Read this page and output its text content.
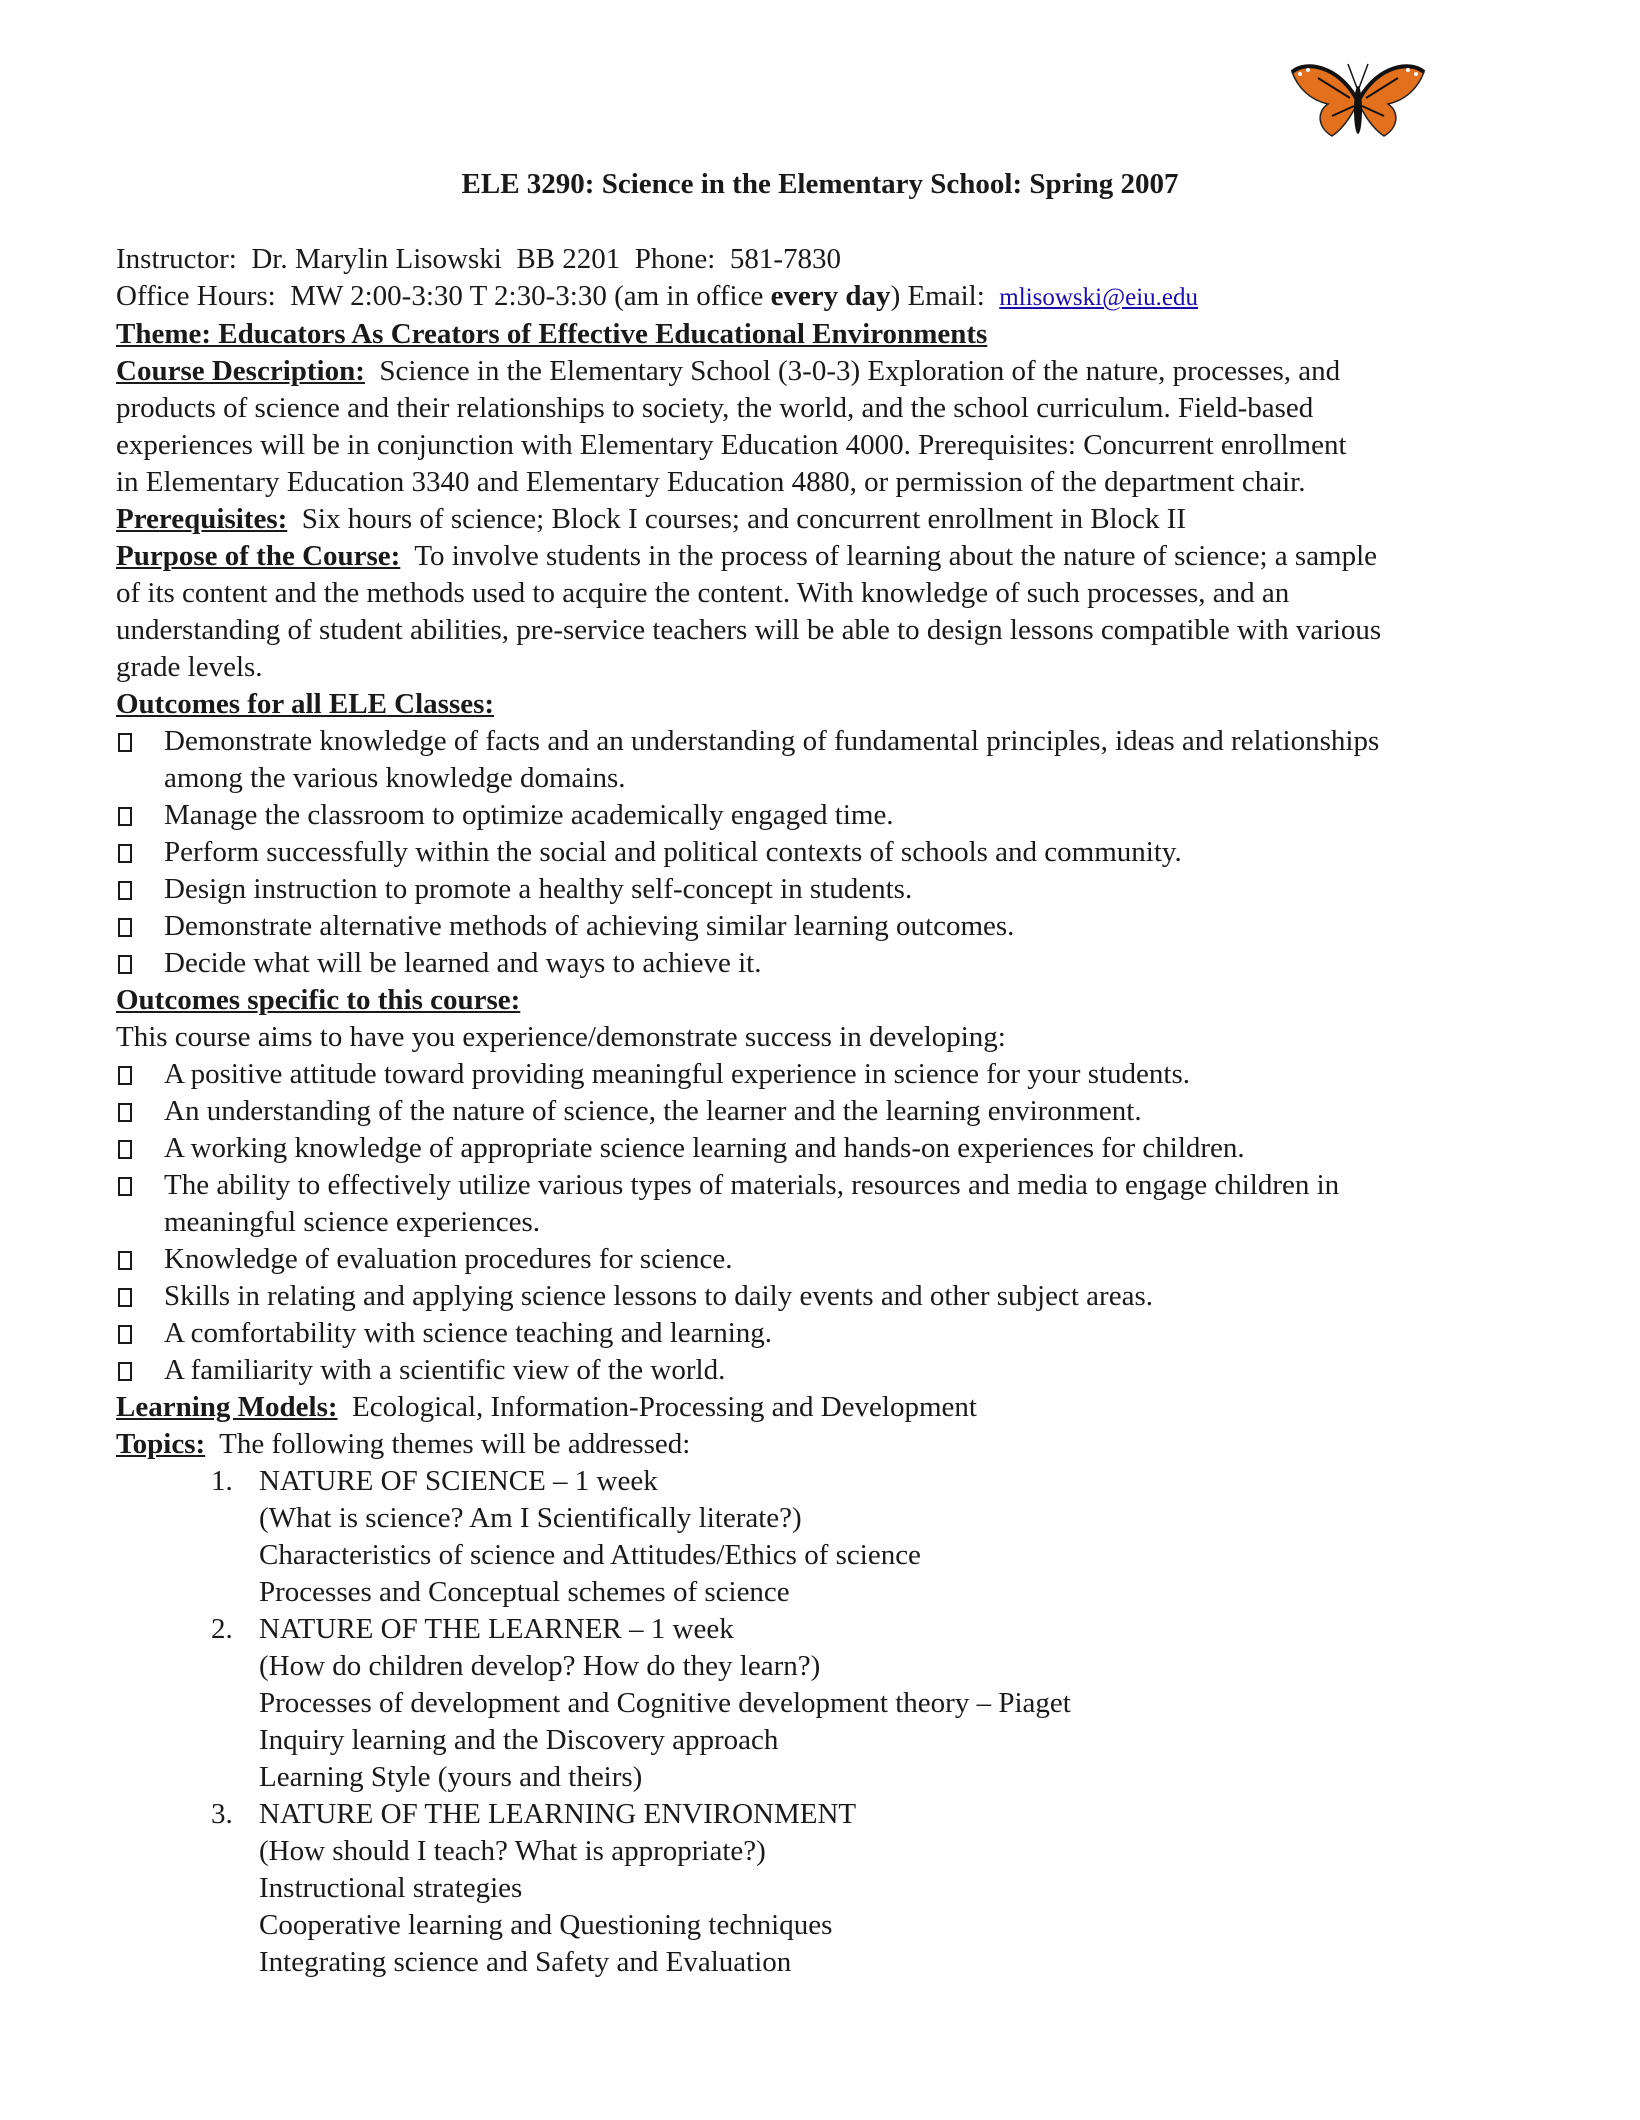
ELE 3290: Science in the Elementary School: Spring 2007
Instructor: Dr. Marylin Lisowski BB 2201 Phone: 581-7830
Office Hours: MW 2:00-3:30 T 2:30-3:30 (am in office every day) Email: mlisowski@eiu.edu
Theme: Educators As Creators of Effective Educational Environments
Course Description: Science in the Elementary School (3-0-3) Exploration of the nature, processes, and
products of science and their relationships to society, the world, and the school curriculum. Field-based
experiences will be in conjunction with Elementary Education 4000. Prerequisites: Concurrent enrollment
in Elementary Education 3340 and Elementary Education 4880, or permission of the department chair.
Prerequisites: Six hours of science; Block I courses; and concurrent enrollment in Block II
Purpose of the Course: To involve students in the process of learning about the nature of science; a sample
of its content and the methods used to acquire the content. With knowledge of such processes, and an
understanding of student abilities, pre-service teachers will be able to design lessons compatible with various
grade levels.
Outcomes for all ELE Classes:
Demonstrate knowledge of facts and an understanding of fundamental principles, ideas and relationships
among the various knowledge domains.
Manage the classroom to optimize academically engaged time.
Perform successfully within the social and political contexts of schools and community.
Design instruction to promote a healthy self-concept in students.
Demonstrate alternative methods of achieving similar learning outcomes.
Decide what will be learned and ways to achieve it.
Outcomes specific to this course:
This course aims to have you experience/demonstrate success in developing:
A positive attitude toward providing meaningful experience in science for your students.
An understanding of the nature of science, the learner and the learning environment.
A working knowledge of appropriate science learning and hands-on experiences for children.
The ability to effectively utilize various types of materials, resources and media to engage children in
meaningful science experiences.
Knowledge of evaluation procedures for science.
Skills in relating and applying science lessons to daily events and other subject areas.
A comfortability with science teaching and learning.
A familiarity with a scientific view of the world.
Learning Models: Ecological, Information-Processing and Development
Topics: The following themes will be addressed:
1. NATURE OF SCIENCE – 1 week
(What is science? Am I Scientifically literate?)
Characteristics of science and Attitudes/Ethics of science
Processes and Conceptual schemes of science
2. NATURE OF THE LEARNER – 1 week
(How do children develop? How do they learn?)
Processes of development and Cognitive development theory – Piaget
Inquiry learning and the Discovery approach
Learning Style (yours and theirs)
3. NATURE OF THE LEARNING ENVIRONMENT
(How should I teach? What is appropriate?)
Instructional strategies
Cooperative learning and Questioning techniques
Integrating science and Safety and Evaluation
